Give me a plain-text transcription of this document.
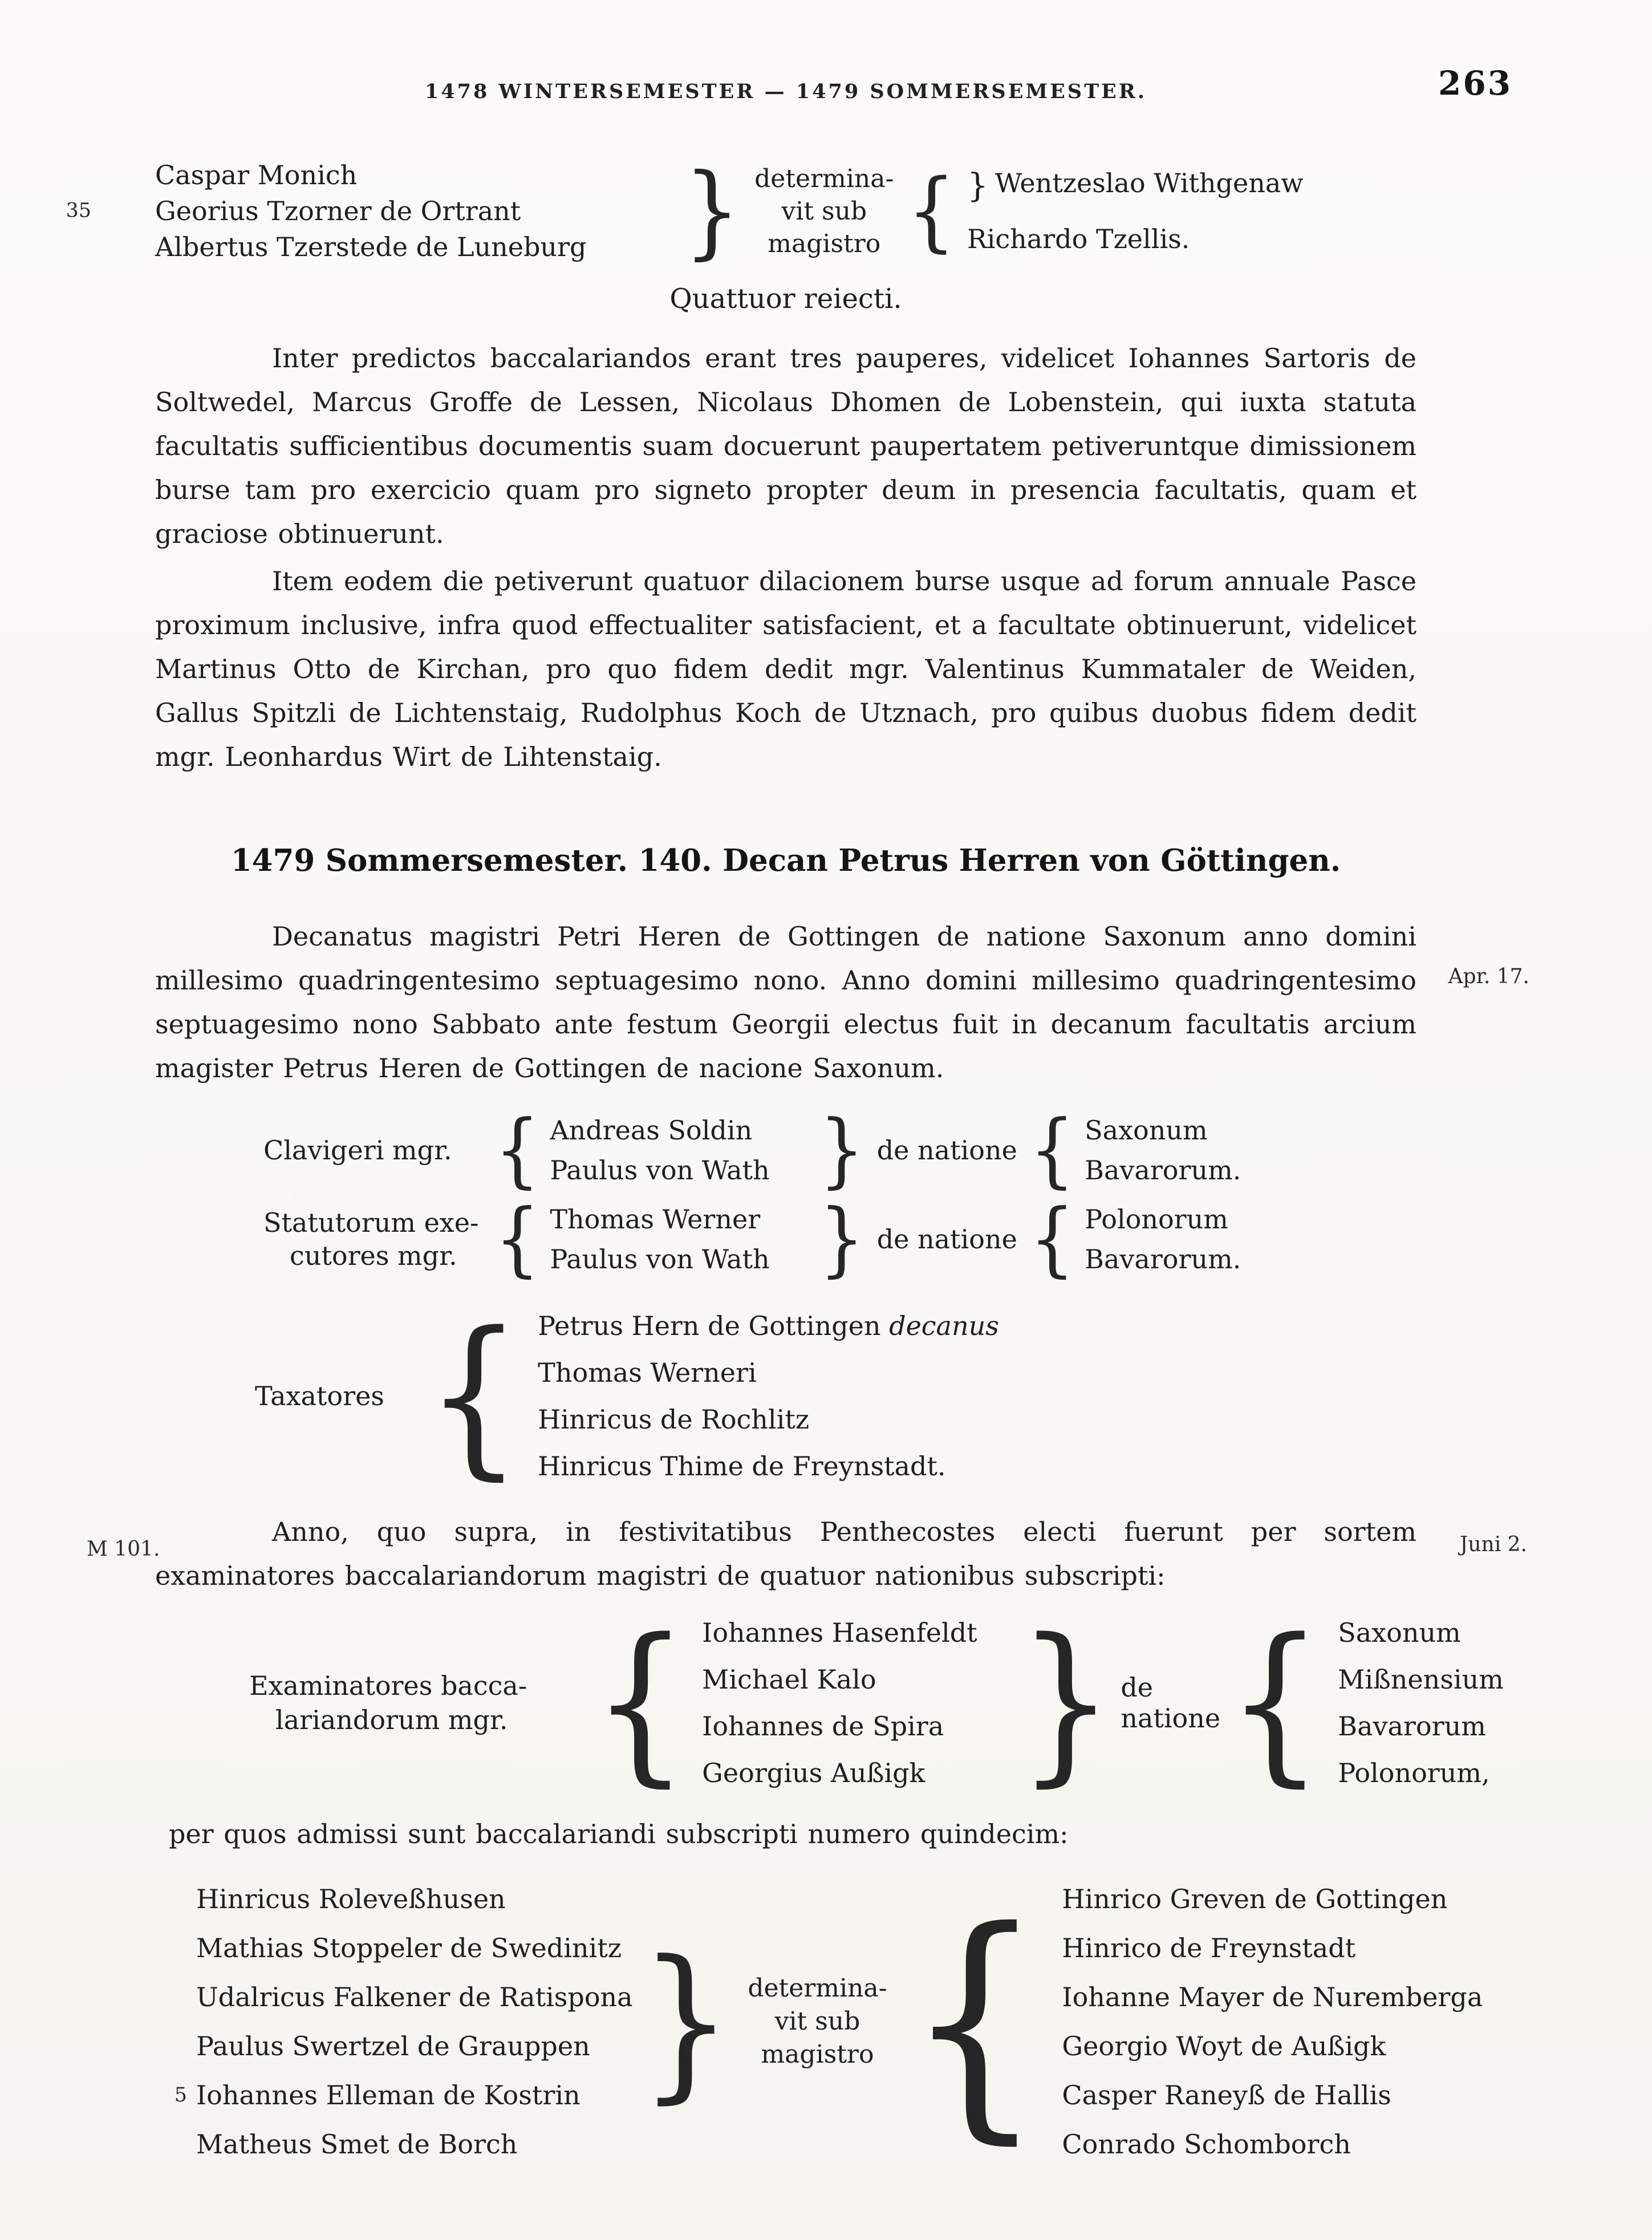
1478 WINTERSEMESTER — 1479 SOMMERSEMESTER.	263
Caspar Monich
35 Georius Tzorner de Ortrant
Albertus Tzerstede de Luneburg } determina-
vit sub
magistro { } Wentzeslao Withgenaw
Richardo Tzellis.
Quattuor reiecti.

Inter predictos baccalariandos erant tres pauperes, videlicet Iohannes Sartoris de Soltwedel, Marcus Groffe de Lessen, Nicolaus Dhomen de Lobenstein, qui iuxta statuta facultatis sufficientibus documentis suam docuerunt paupertatem petiveruntque dimissionem burse tam pro exercicio quam pro signeto propter deum in presencia facultatis, quam et graciose obtinuerunt.

Item eodem die petiverunt quatuor dilacionem burse usque ad forum annuale Pasce proximum inclusive, infra quod effectualiter satisfacient, et a facultate obtinuerunt, videlicet Martinus Otto de Kirchan, pro quo fidem dedit mgr. Valentinus Kummataler de Weiden, Gallus Spitzli de Lichtenstaig, Rudolphus Koch de Utznach, pro quibus duobus fidem dedit mgr. Leonhardus Wirt de Lihtenstaig.

1479 Sommersemester. 140. Decan Petrus Herren von Göttingen.

Decanatus magistri Petri Heren de Gottingen de natione Saxonum anno domini millesimo quadringentesimo septuagesimo nono. Anno domini millesimo quadringentesimo septuagesimo nono Sabbato ante festum Georgii electus fuit in decanum facultatis arcium magister Petrus Heren de Gottingen de nacione Saxonum.

Apr. 17.
Clavigeri mgr. { Andreas Soldin
Paulus von Wath } de natione { Saxonum
Bavarorum.
Statutorum exe-
cutores mgr. { Thomas Werner
Paulus von Wath } de natione { Polonorum
Bavarorum.
Taxatores { Petrus Hern de Gottingen decanus
Thomas Werneri
Hinricus de Rochlitz
Hinricus Thime de Freynstadt.

Anno, quo supra, in festivitatibus Penthecostes electi fuerunt per sortem examinatores baccalariandorum magistri de quatuor nationibus subscripti:

M 101.	Juni 2.
Examinatores bacca-
lariandorum mgr. { Iohannes Hasenfeldt
Michael Kalo
Iohannes de Spira
Georgius Außigk } de natione { Saxonum
Mißnensium
Bavarorum
Polonorum,

per quos admissi sunt baccalariandi subscripti numero quindecim:

Hinricus Roleveßhusen
Mathias Stoppeler de Swedinitz
Udalricus Falkener de Ratispona
Paulus Swertzel de Grauppen
5 Iohannes Elleman de Kostrin
Matheus Smet de Borch
} determina-
vit sub
magistro { Hinrico Greven de Gottingen
Hinrico de Freynstadt
Iohanne Mayer de Nuremberga
Georgio Woyt de Außigk
Casper Raneyß de Hallis
Conrado Schomborch
